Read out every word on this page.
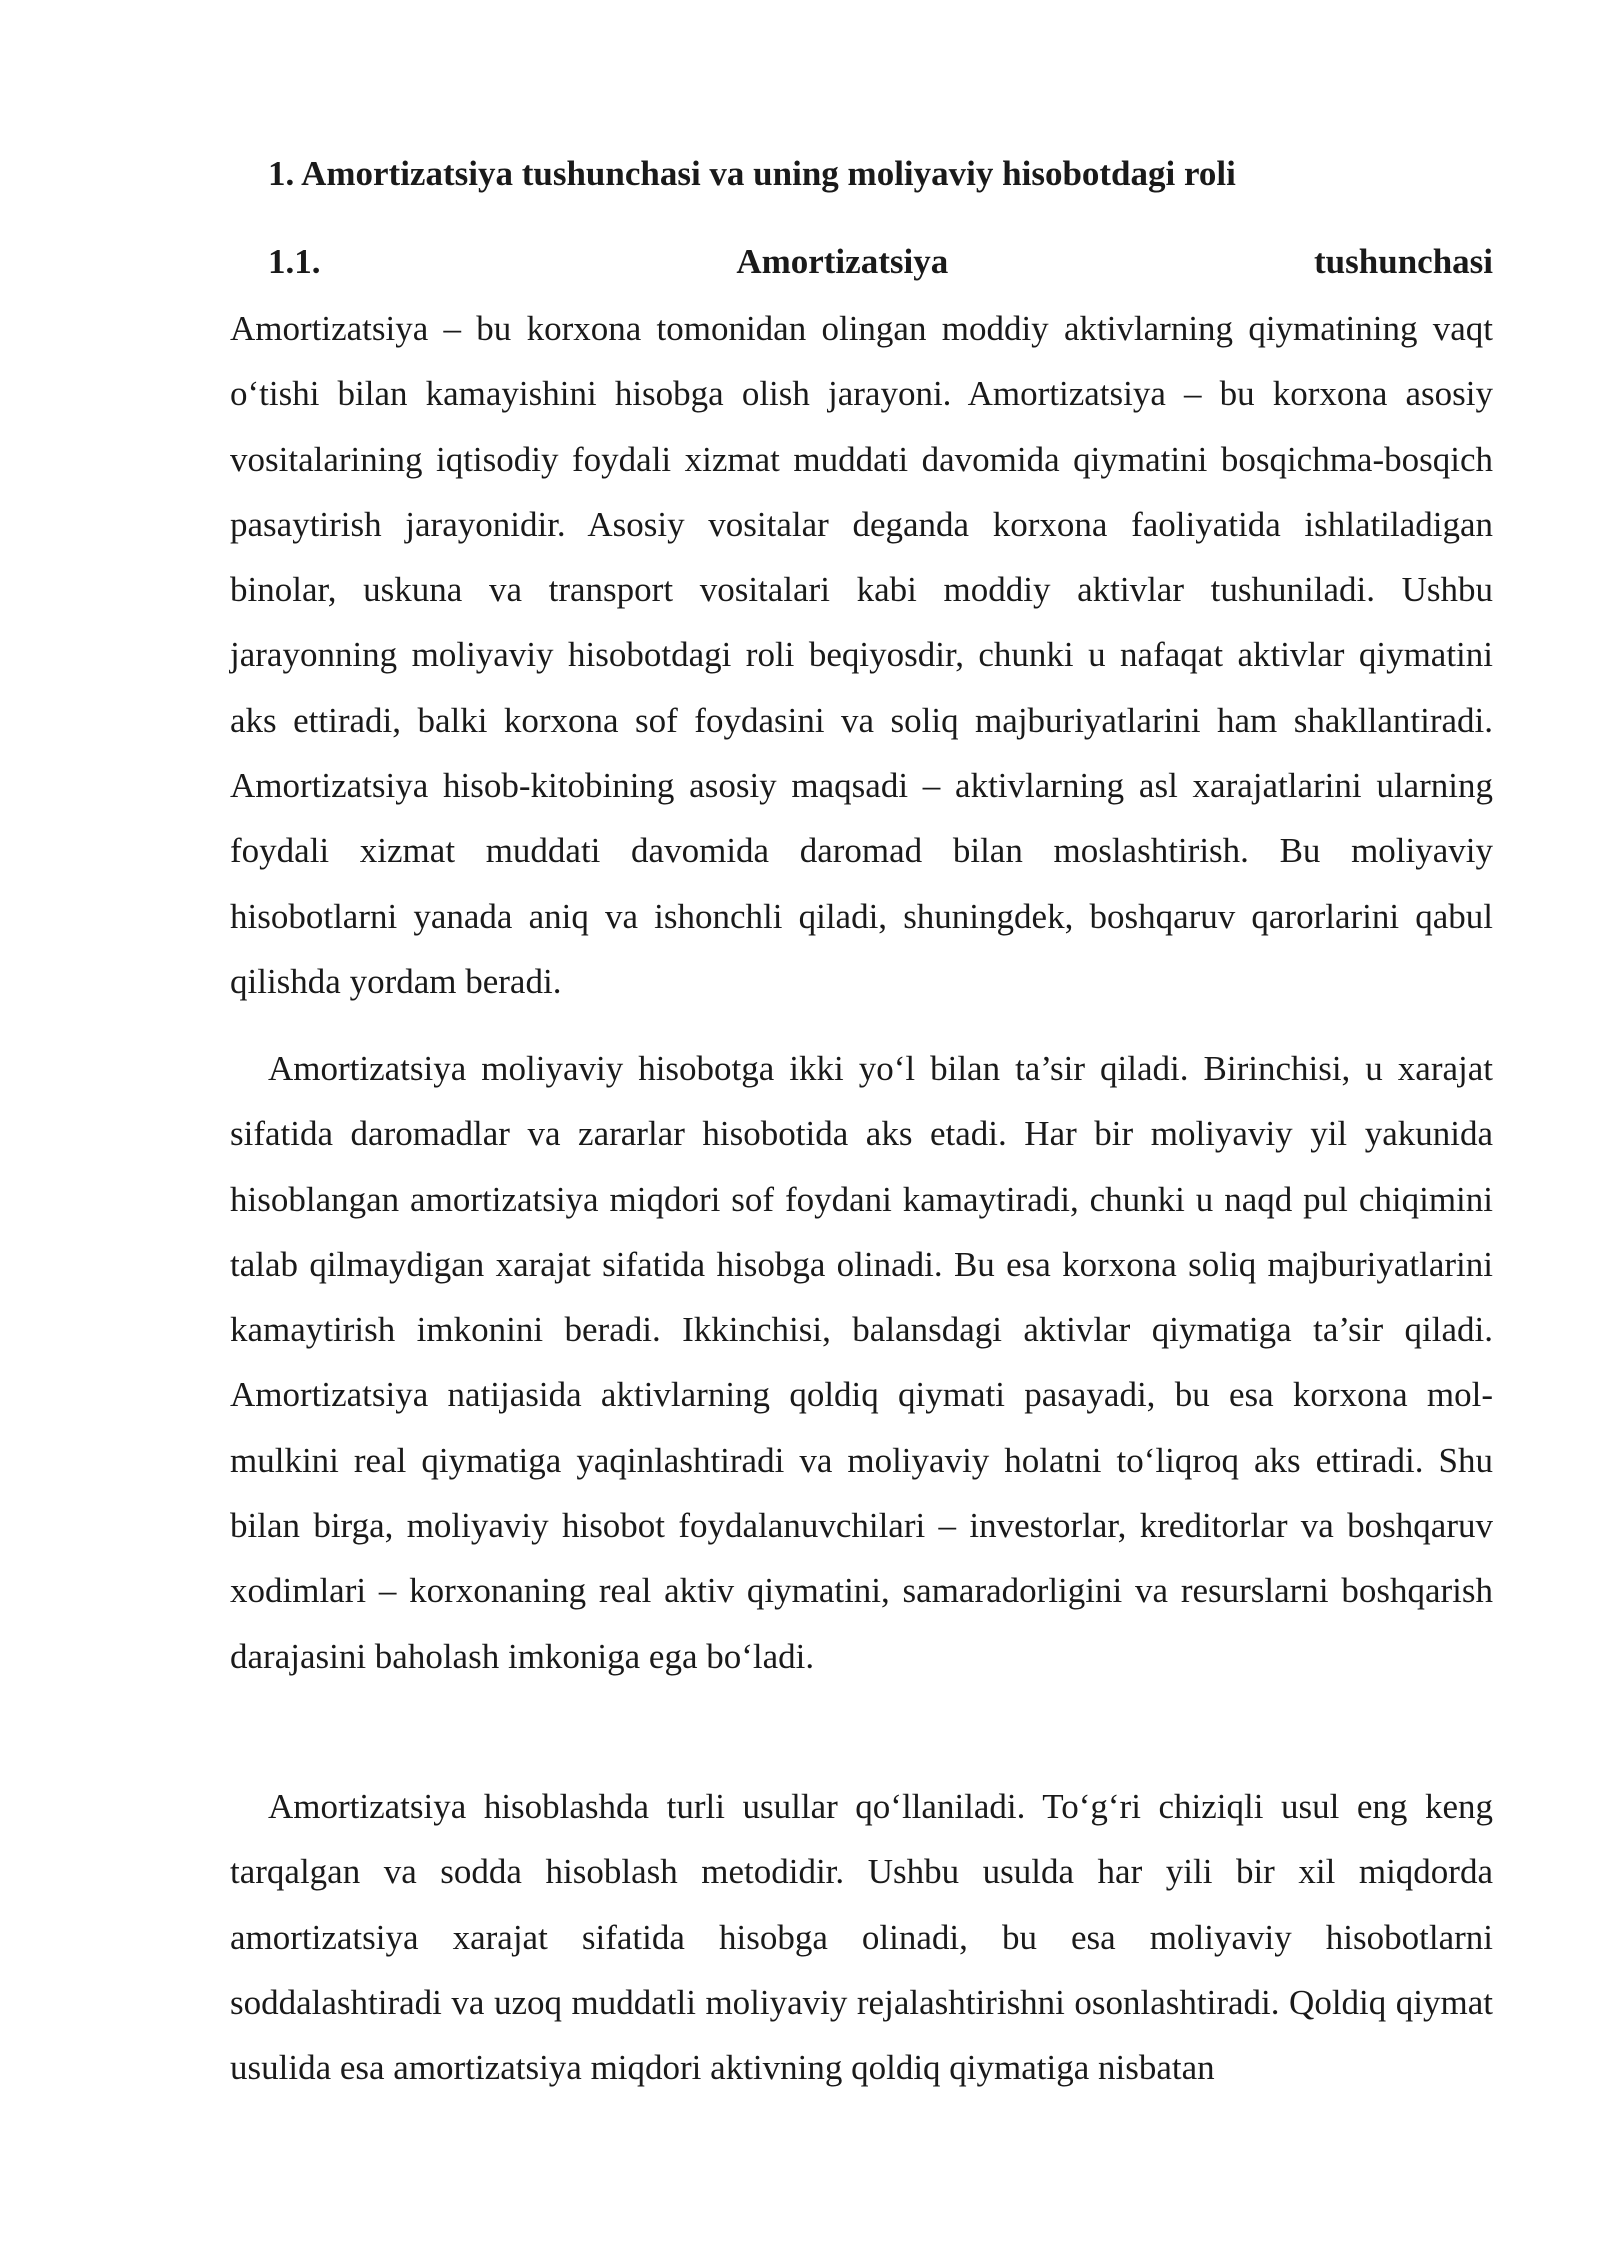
1. Amortizatsiya tushunchasi va uning moliyaviy hisobotdagi roli
1.1.	Amortizatsiya	tushunchasi

Amortizatsiya – bu korxona tomonidan olingan moddiy aktivlarning qiymatining vaqt o‘tishi bilan kamayishini hisobga olish jarayoni. Amortizatsiya – bu korxona asosiy vositalarining iqtisodiy foydali xizmat muddati davomida qiymatini bosqichma-bosqich pasaytirish jarayonidir. Asosiy vositalar deganda korxona faoliyatida ishlatiladigan binolar, uskuna va transport vositalari kabi moddiy aktivlar tushuniladi. Ushbu jarayonning moliyaviy hisobotdagi roli beqiyosdir, chunki u nafaqat aktivlar qiymatini aks ettiradi, balki korxona sof foydasini va soliq majburiyatlarini ham shakllantiradi. Amortizatsiya hisob-kitobining asosiy maqsadi – aktivlarning asl xarajatlarini ularning foydali xizmat muddati davomida daromad bilan moslashtirish. Bu moliyaviy hisobotlarni yanada aniq va ishonchli qiladi, shuningdek, boshqaruv qarorlarini qabul qilishda yordam beradi.

Amortizatsiya moliyaviy hisobotga ikki yo‘l bilan ta’sir qiladi. Birinchisi, u xarajat sifatida daromadlar va zararlar hisobotida aks etadi. Har bir moliyaviy yil yakunida hisoblangan amortizatsiya miqdori sof foydani kamaytiradi, chunki u naqd pul chiqimini talab qilmaydigan xarajat sifatida hisobga olinadi. Bu esa korxona soliq majburiyatlarini kamaytirish imkonini beradi. Ikkinchisi, balansdagi aktivlar qiymatiga ta’sir qiladi. Amortizatsiya natijasida aktivlarning qoldiq qiymati pasayadi, bu esa korxona mol-mulkini real qiymatiga yaqinlashtiradi va moliyaviy holatni to‘liqroq aks ettiradi. Shu bilan birga, moliyaviy hisobot foydalanuvchilari – investorlar, kreditorlar va boshqaruv xodimlari – korxonaning real aktiv qiymatini, samaradorligini va resurslarni boshqarish darajasini baholash imkoniga ega bo‘ladi.

Amortizatsiya hisoblashda turli usullar qo‘llaniladi. To‘g‘ri chiziqli usul eng keng tarqalgan va sodda hisoblash metodidir. Ushbu usulda har yili bir xil miqdorda amortizatsiya xarajat sifatida hisobga olinadi, bu esa moliyaviy hisobotlarni soddalashtiradi va uzoq muddatli moliyaviy rejalashtirishni osonlashtiradi. Qoldiq qiymat usulida esa amortizatsiya miqdori aktivning qoldiq qiymatiga nisbatan
